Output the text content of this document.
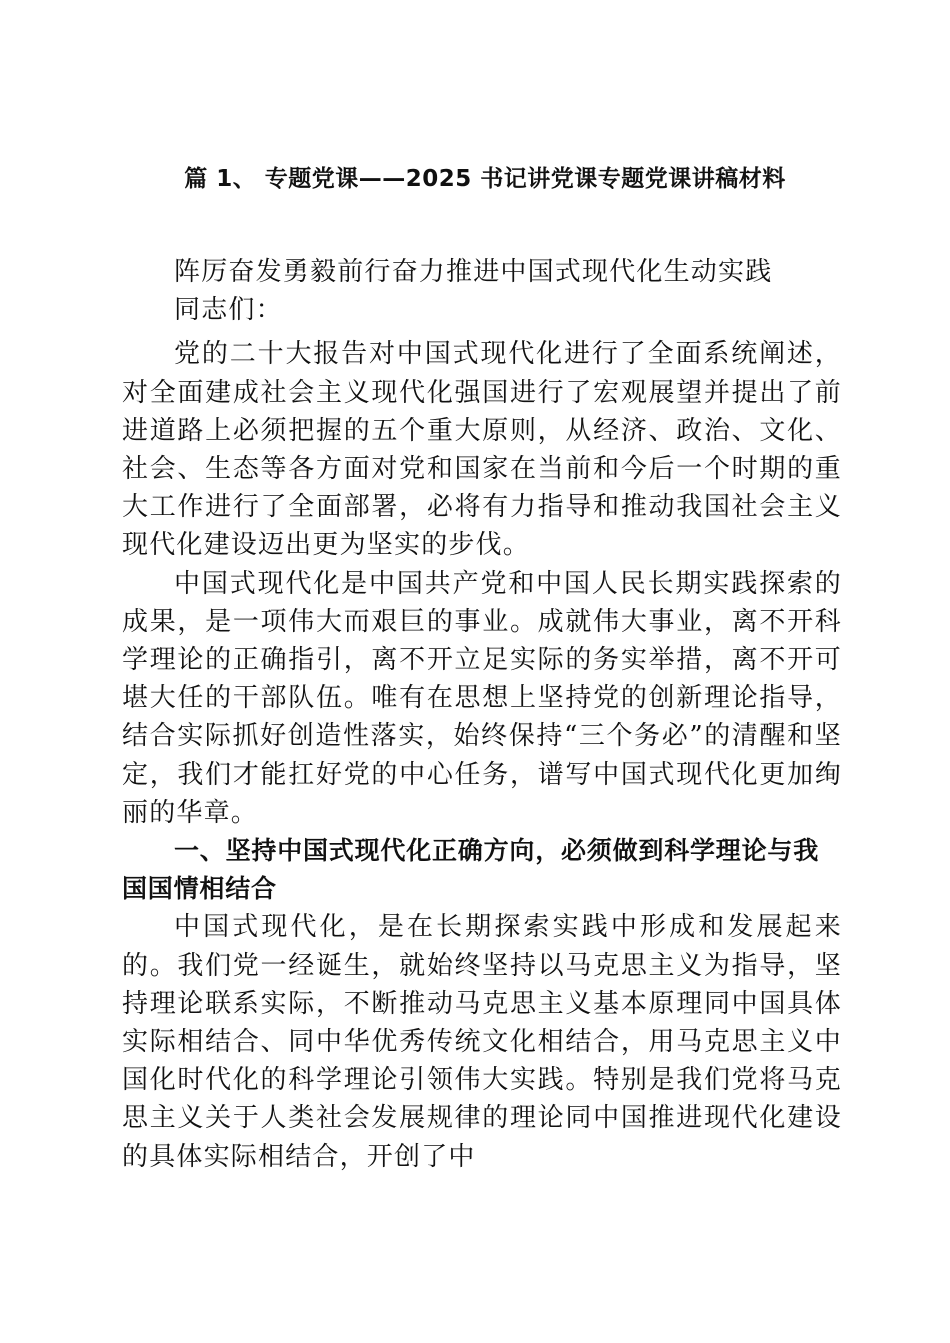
篇 1、 专题党课——2025 书记讲党课专题党课讲稿材料

阵厉奋发勇毅前行奋力推进中国式现代化生动实践

同志们：

党的二十大报告对中国式现代化进行了全面系统阐述，对全面建成社会主义现代化强国进行了宏观展望并提出了前进道路上必须把握的五个重大原则，从经济、政治、文化、社会、生态等各方面对党和国家在当前和今后一个时期的重大工作进行了全面部署，必将有力指导和推动我国社会主义现代化建设迈出更为坚实的步伐。

中国式现代化是中国共产党和中国人民长期实践探索的成果，是一项伟大而艰巨的事业。成就伟大事业，离不开科学理论的正确指引，离不开立足实际的务实举措，离不开可堪大任的干部队伍。唯有在思想上坚持党的创新理论指导，结合实际抓好创造性落实，始终保持“三个务必”的清醒和坚定，我们才能扛好党的中心任务，谱写中国式现代化更加绚丽的华章。

一、坚持中国式现代化正确方向，必须做到科学理论与我国国情相结合

中国式现代化，是在长期探索实践中形成和发展起来的。我们党一经诞生，就始终坚持以马克思主义为指导，坚持理论联系实际，不断推动马克思主义基本原理同中国具体实际相结合、同中华优秀传统文化相结合，用马克思主义中国化时代化的科学理论引领伟大实践。特别是我们党将马克思主义关于人类社会发展规律的理论同中国推进现代化建设的具体实际相结合，开创了中
